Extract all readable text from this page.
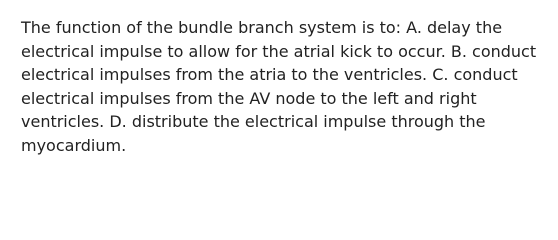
The function of the bundle branch system is to: A. delay the electrical impulse to allow for the atrial kick to occur. B. conduct electrical impulses from the atria to the ventricles. C. conduct electrical impulses from the AV node to the left and right ventricles. D. distribute the electrical impulse through the myocardium.
